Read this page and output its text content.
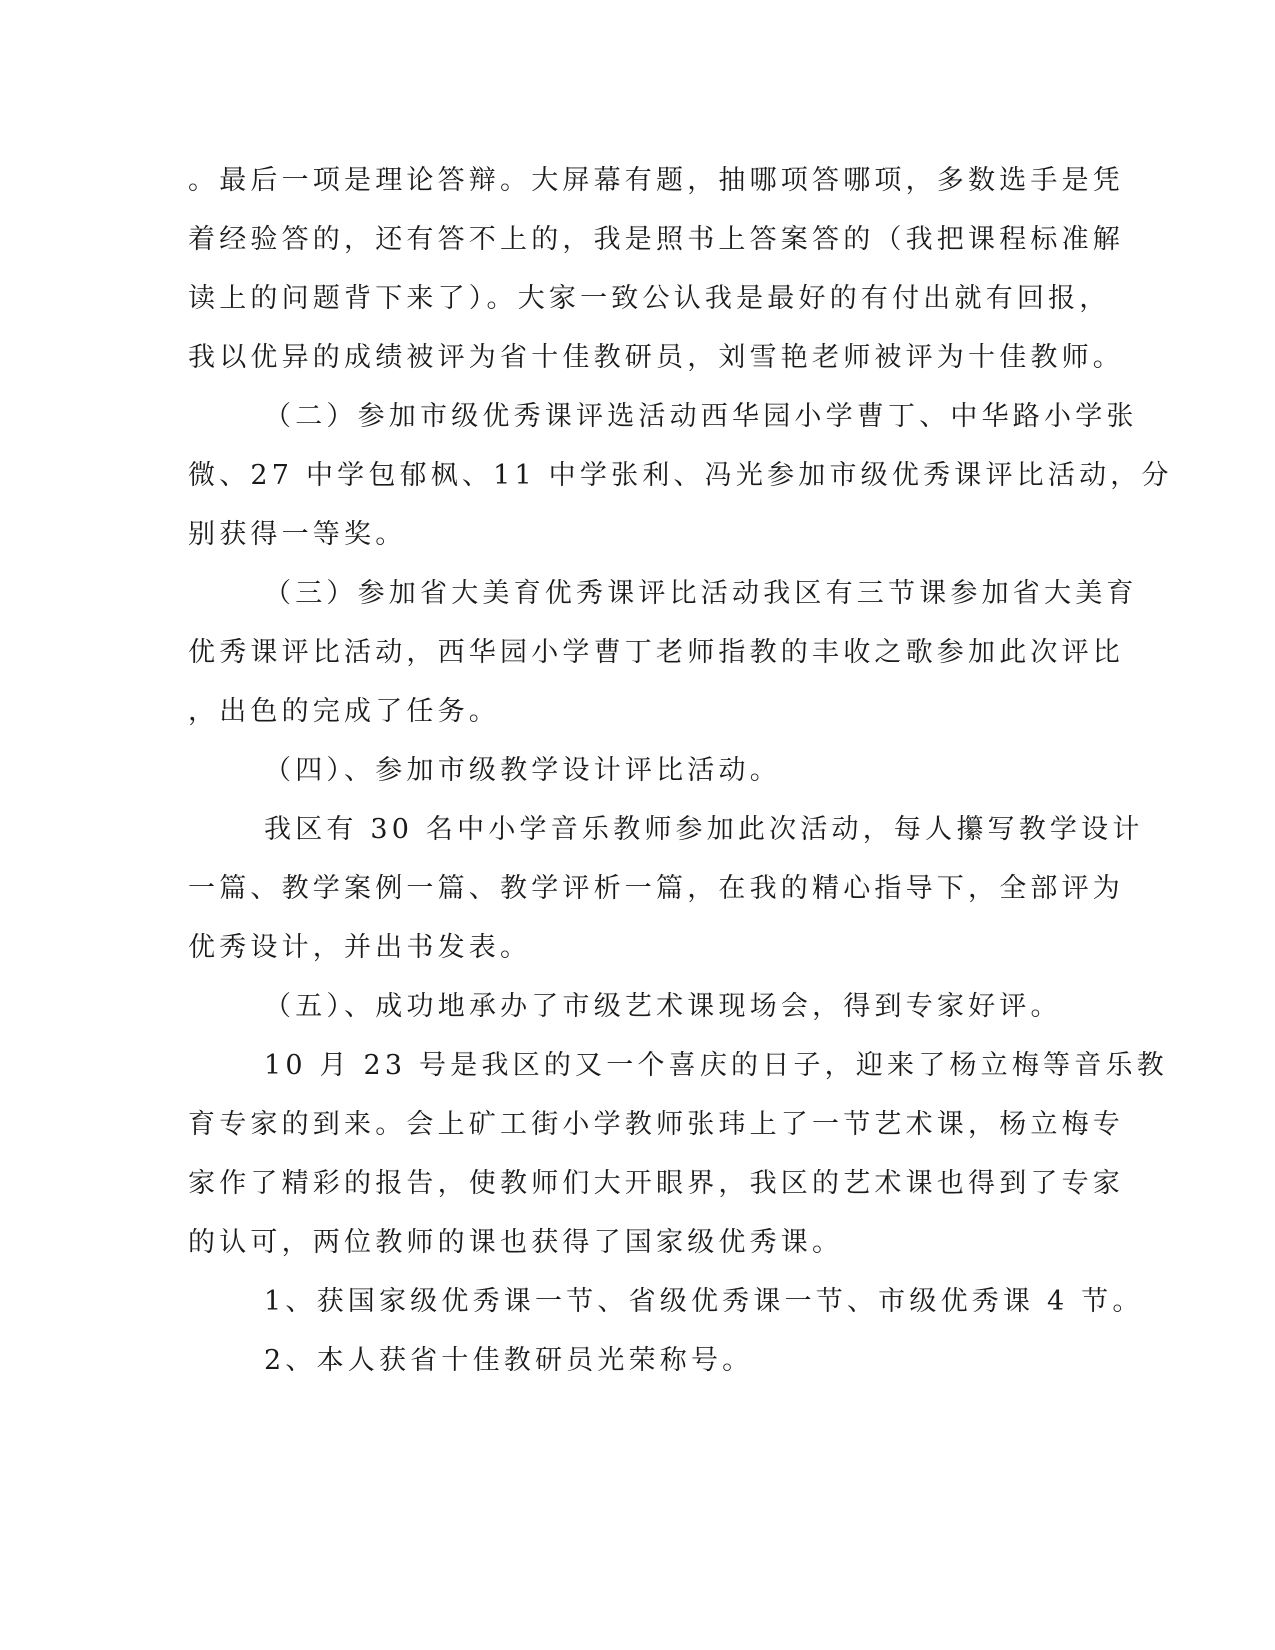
。最后一项是理论答辩。大屏幕有题，抽哪项答哪项，多数选手是凭

着经验答的，还有答不上的，我是照书上答案答的（我把课程标准解

读上的问题背下来了）。大家一致公认我是最好的有付出就有回报，

我以优异的成绩被评为省十佳教研员，刘雪艳老师被评为十佳教师。

（二）参加市级优秀课评选活动西华园小学曹丁、中华路小学张

微、27 中学包郁枫、11 中学张利、冯光参加市级优秀课评比活动，分

别获得一等奖。

（三）参加省大美育优秀课评比活动我区有三节课参加省大美育

优秀课评比活动，西华园小学曹丁老师指教的丰收之歌参加此次评比

，出色的完成了任务。

（四）、参加市级教学设计评比活动。

我区有 30 名中小学音乐教师参加此次活动，每人攥写教学设计

一篇、教学案例一篇、教学评析一篇，在我的精心指导下，全部评为

优秀设计，并出书发表。

（五）、成功地承办了市级艺术课现场会，得到专家好评。

10 月 23 号是我区的又一个喜庆的日子，迎来了杨立梅等音乐教

育专家的到来。会上矿工街小学教师张玮上了一节艺术课，杨立梅专

家作了精彩的报告，使教师们大开眼界，我区的艺术课也得到了专家

的认可，两位教师的课也获得了国家级优秀课。

1、获国家级优秀课一节、省级优秀课一节、市级优秀课 4 节。

2、本人获省十佳教研员光荣称号。
